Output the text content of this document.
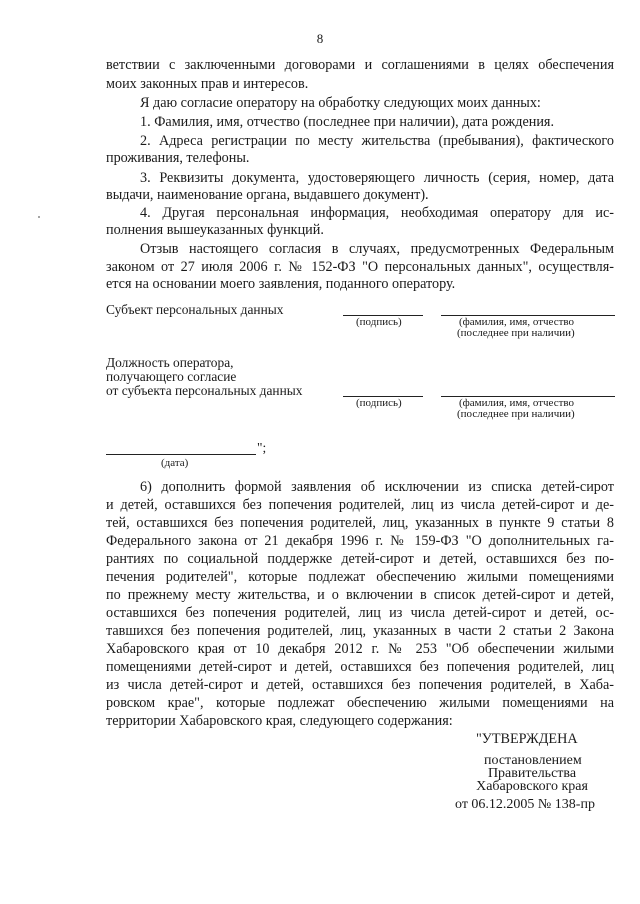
8
ветствии с заключенными договорами и соглашениями в целях обеспечения
моих законных прав и интересов.
Я даю согласие оператору на обработку следующих моих данных:
1. Фамилия, имя, отчество (последнее при наличии), дата рождения.
2. Адреса регистрации по месту жительства (пребывания), фактического
проживания, телефоны.
3. Реквизиты документа, удостоверяющего личность (серия, номер, дата
выдачи, наименование органа, выдавшего документ).
4. Другая персональная информация, необходимая оператору для ис-
полнения вышеуказанных функций.
Отзыв настоящего согласия в случаях, предусмотренных Федеральным
законом от 27 июля 2006 г. № 152-ФЗ "О персональных данных", осуществля-
ется на основании моего заявления, поданного оператору.
Субъект персональных данных
(подпись)	(фамилия, имя, отчество
(последнее при наличии)
Должность оператора,
получающего согласие
от субъекта персональных данных
(подпись)	(фамилия, имя, отчество
(последнее при наличии)
";
(дата)
6) дополнить формой заявления об исключении из списка детей-сирот
и детей, оставшихся без попечения родителей, лиц из числа детей-сирот и де-
тей, оставшихся без попечения родителей, лиц, указанных в пункте 9 статьи 8
Федерального закона от 21 декабря 1996 г. № 159-ФЗ "О дополнительных га-
рантиях по социальной поддержке детей-сирот и детей, оставшихся без по-
печения родителей", которые подлежат обеспечению жилыми помещениями
по прежнему месту жительства, и о включении в список детей-сирот и детей,
оставшихся без попечения родителей, лиц из числа детей-сирот и детей, ос-
тавшихся без попечения родителей, лиц, указанных в части 2 статьи 2 Закона
Хабаровского края от 10 декабря 2012 г. № 253 "Об обеспечении жилыми
помещениями детей-сирот и детей, оставшихся без попечения родителей, лиц
из числа детей-сирот и детей, оставшихся без попечения родителей, в Хаба-
ровском крае", которые подлежат обеспечению жилыми помещениями на
территории Хабаровского края, следующего содержания:
"УТВЕРЖДЕНА
постановлением
Правительства
Хабаровского края
от 06.12.2005 № 138-пр
